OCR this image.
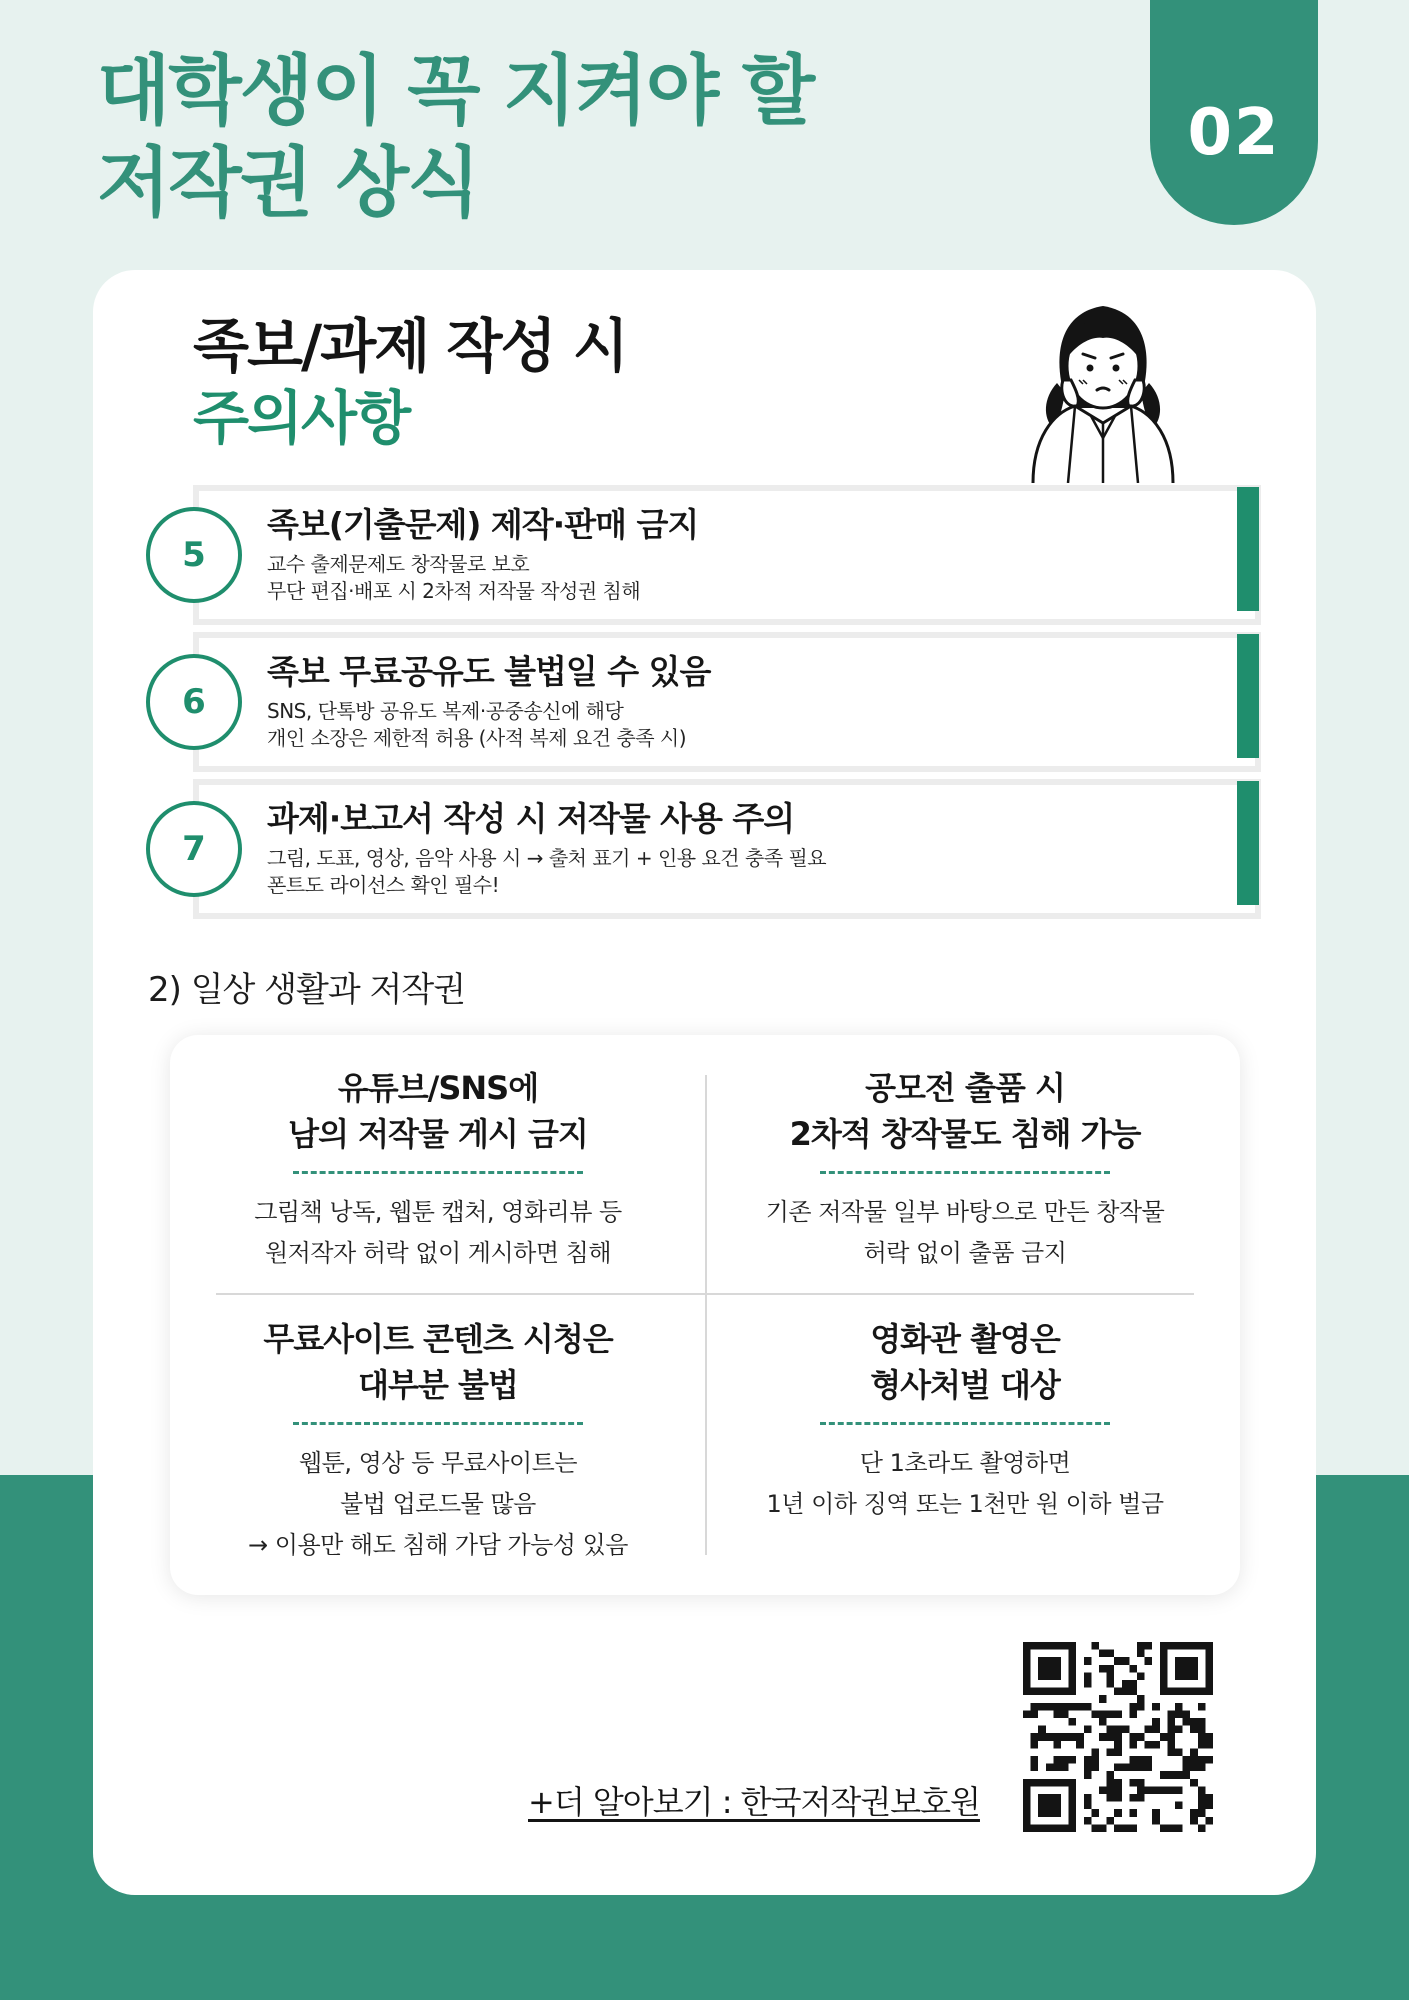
대학생이 꼭 지켜야 할
저작권 상식
02
족보/과제 작성 시
주의사항
5
족보(기출문제) 제작·판매 금지
교수 출제문제도 창작물로 보호
무단 편집·배포 시 2차적 저작물 작성권 침해
6
족보 무료공유도 불법일 수 있음
SNS, 단톡방 공유도 복제·공중송신에 해당
개인 소장은 제한적 허용 (사적 복제 요건 충족 시)
7
과제·보고서 작성 시 저작물 사용 주의
그림, 도표, 영상, 음악 사용 시 → 출처 표기 + 인용 요건 충족 필요
폰트도 라이선스 확인 필수!
2) 일상 생활과 저작권
유튜브/SNS에
남의 저작물 게시 금지
그림책 낭독, 웹툰 캡처, 영화리뷰 등
원저작자 허락 없이 게시하면 침해
공모전 출품 시
2차적 창작물도 침해 가능
기존 저작물 일부 바탕으로 만든 창작물
허락 없이 출품 금지
무료사이트 콘텐츠 시청은
대부분 불법
웹툰, 영상 등 무료사이트는
불법 업로드물 많음
→ 이용만 해도 침해 가담 가능성 있음
영화관 촬영은
형사처벌 대상
단 1초라도 촬영하면
1년 이하 징역 또는 1천만 원 이하 벌금
+더 알아보기 : 한국저작권보호원
